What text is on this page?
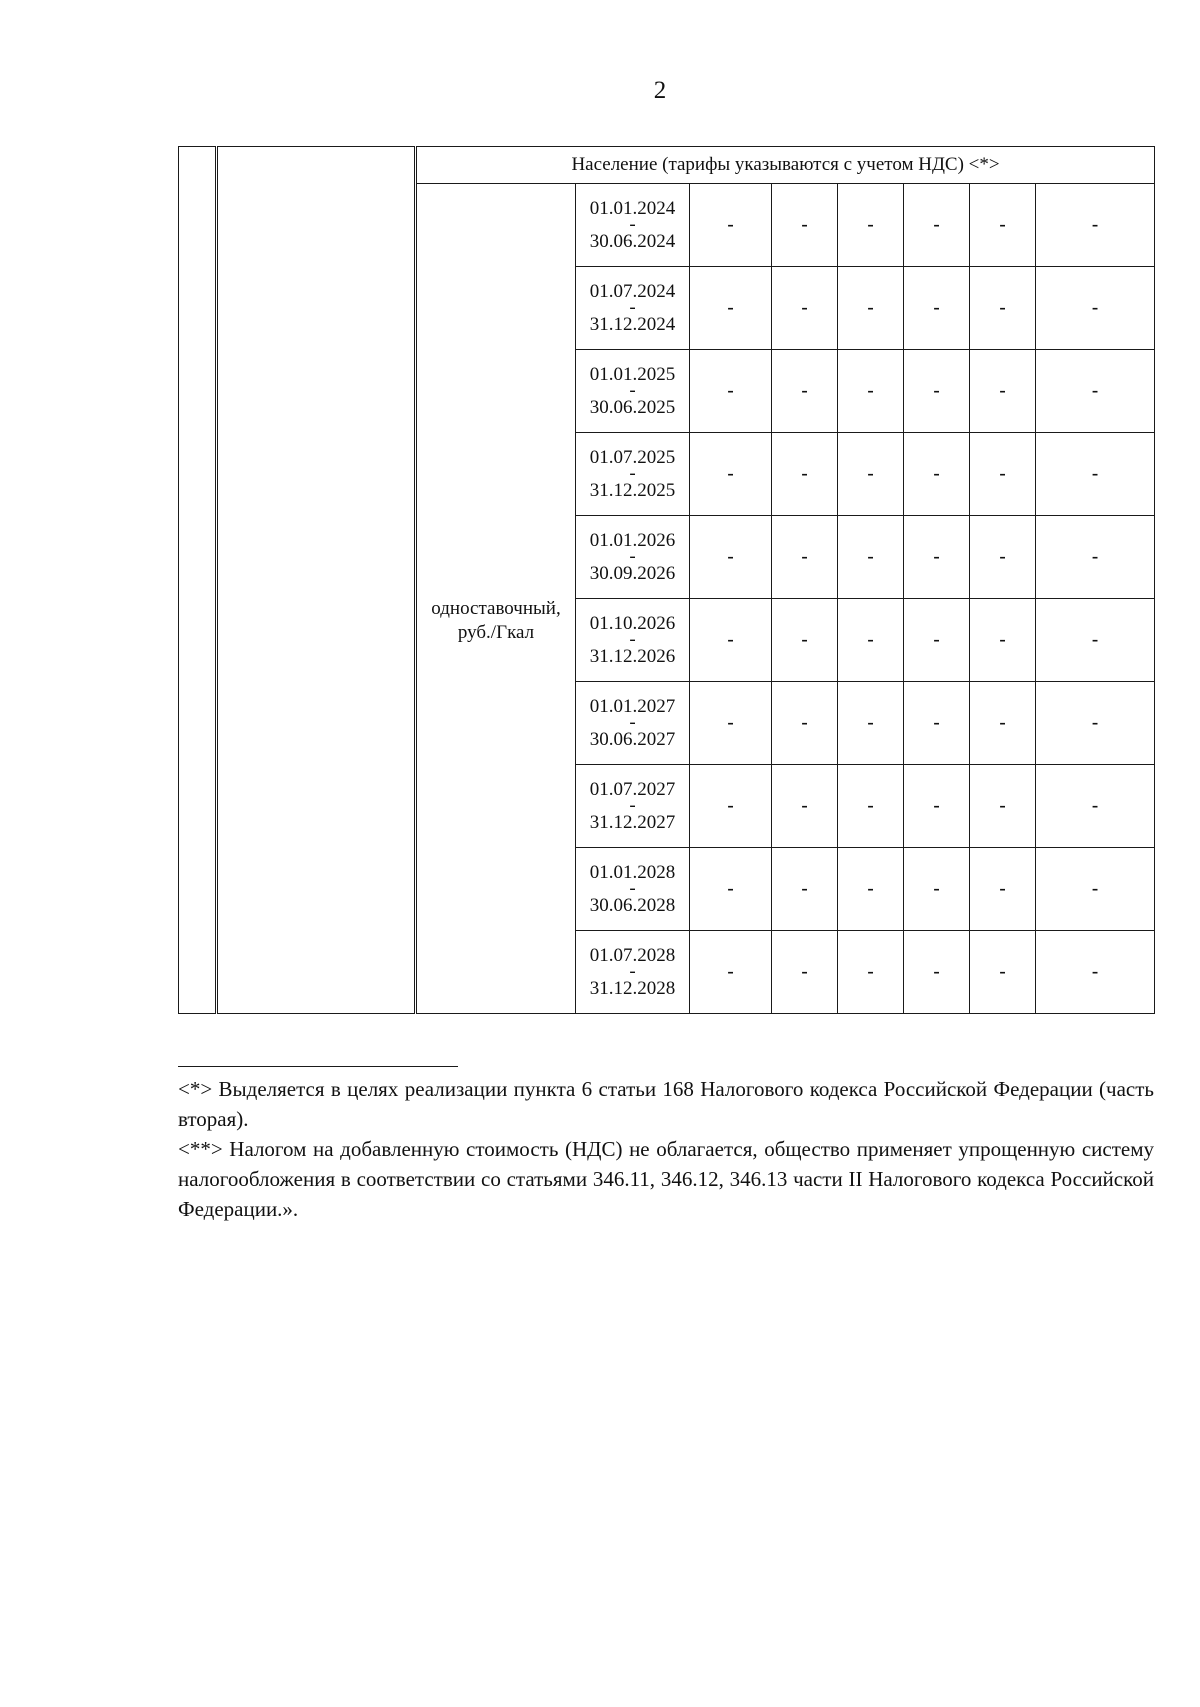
2
		Население (тарифы указываются с учетом НДС) <*>							
		одноставочный, руб./Гкал	01.01.2024
-
30.06.2024	-	-	-	-	-	-

			01.07.2024
-
31.12.2024	-	-	-	-	-	-

			01.01.2025
-
30.06.2025	-	-	-	-	-	-

			01.07.2025
-
31.12.2025	-	-	-	-	-	-

			01.01.2026
-
30.09.2026	-	-	-	-	-	-

			01.10.2026
-
31.12.2026	-	-	-	-	-	-

			01.01.2027
-
30.06.2027	-	-	-	-	-	-

			01.07.2027
-
31.12.2027	-	-	-	-	-	-

			01.01.2028
-
30.06.2028	-	-	-	-	-	-

			01.07.2028
-
31.12.2028	-	-	-	-	-	-

<*> Выделяется в целях реализации пункта 6 статьи 168 Налогового кодекса Российской Федерации (часть вторая).

<**> Налогом на добавленную стоимость (НДС) не облагается, общество применяет упрощенную систему налогообложения в соответствии со статьями 346.11, 346.12, 346.13 части II Налогового кодекса Российской Федерации.».
